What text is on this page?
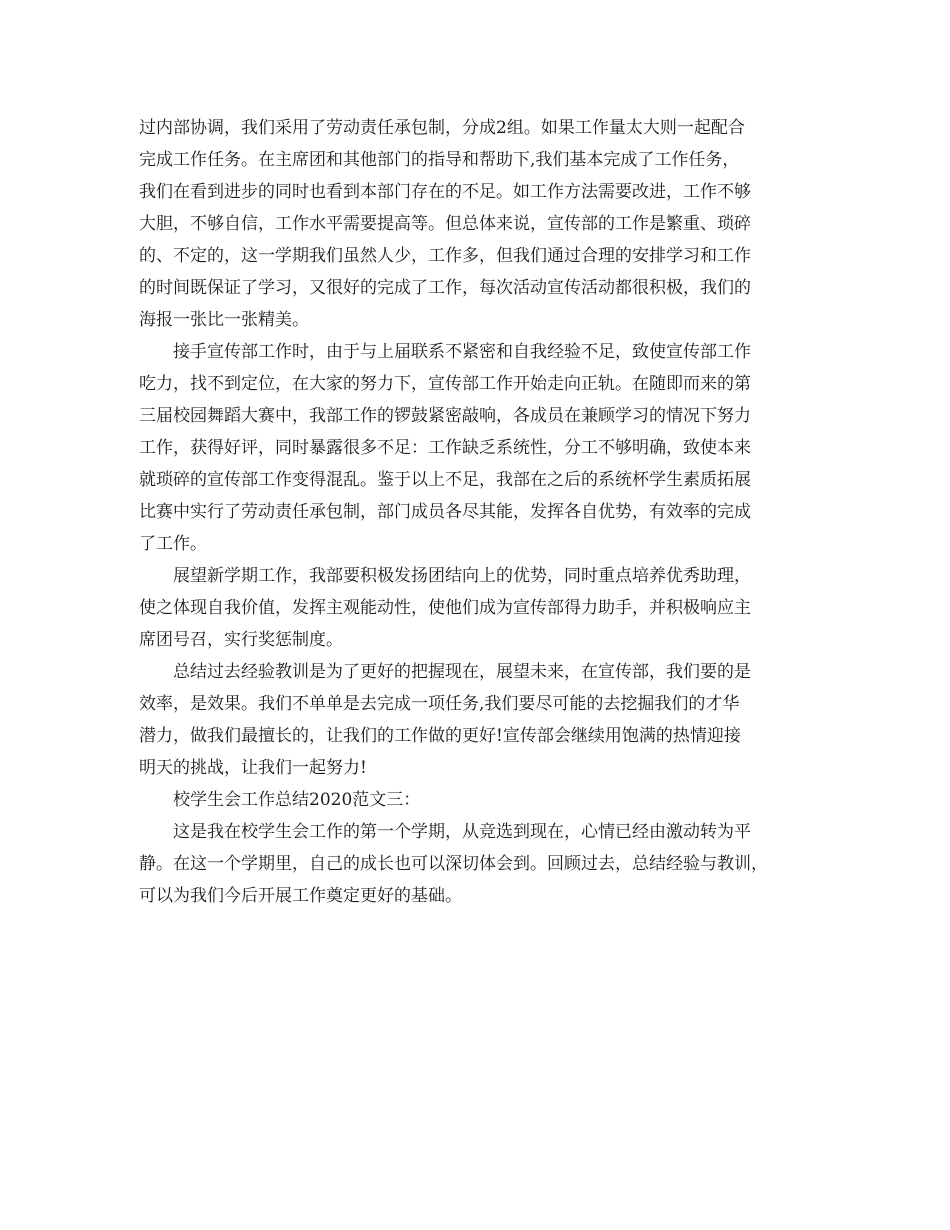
过内部协调，我们采用了劳动责任承包制，分成2组。如果工作量太大则一起配合
完成工作任务。在主席团和其他部门的指导和帮助下,我们基本完成了工作任务，
我们在看到进步的同时也看到本部门存在的不足。如工作方法需要改进，工作不够
大胆，不够自信，工作水平需要提高等。但总体来说，宣传部的工作是繁重、琐碎
的、不定的，这一学期我们虽然人少，工作多，但我们通过合理的安排学习和工作
的时间既保证了学习，又很好的完成了工作，每次活动宣传活动都很积极，我们的
海报一张比一张精美。
接手宣传部工作时，由于与上届联系不紧密和自我经验不足，致使宣传部工作
吃力，找不到定位，在大家的努力下，宣传部工作开始走向正轨。在随即而来的第
三届校园舞蹈大赛中，我部工作的锣鼓紧密敲响，各成员在兼顾学习的情况下努力
工作，获得好评，同时暴露很多不足：工作缺乏系统性，分工不够明确，致使本来
就琐碎的宣传部工作变得混乱。鉴于以上不足，我部在之后的系统杯学生素质拓展
比赛中实行了劳动责任承包制，部门成员各尽其能，发挥各自优势，有效率的完成
了工作。
展望新学期工作，我部要积极发扬团结向上的优势，同时重点培养优秀助理，
使之体现自我价值，发挥主观能动性，使他们成为宣传部得力助手，并积极响应主
席团号召，实行奖惩制度。
总结过去经验教训是为了更好的把握现在，展望未来，在宣传部，我们要的是
效率，是效果。我们不单单是去完成一项任务,我们要尽可能的去挖掘我们的才华
潜力，做我们最擅长的，让我们的工作做的更好!宣传部会继续用饱满的热情迎接
明天的挑战，让我们一起努力!
校学生会工作总结2020范文三：
这是我在校学生会工作的第一个学期，从竞选到现在，心情已经由激动转为平
静。在这一个学期里，自己的成长也可以深切体会到。回顾过去，总结经验与教训，
可以为我们今后开展工作奠定更好的基础。
